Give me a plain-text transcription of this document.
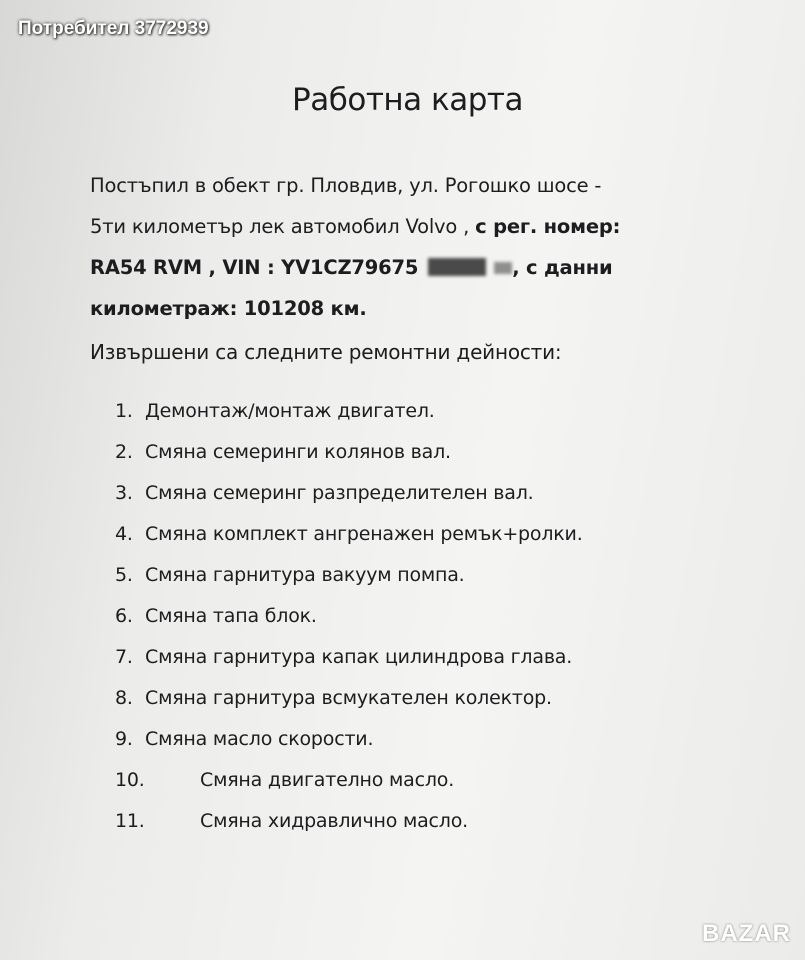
Потребител 3772939
Работна карта
Постъпил в обект гр. Пловдив, ул. Рогошко шосе -
5ти километър лек автомобил Volvo , с рег. номер:
RA54 RVM , VIN : YV1CZ79675	, с данни
километраж: 101208 км.
Извършени са следните ремонтни дейности:
1. Демонтаж/монтаж двигател.
2. Смяна семеринги колянов вал.
3. Смяна семеринг разпределителен вал.
4. Смяна комплект ангренажен ремък+ролки.
5. Смяна гарнитура вакуум помпа.
6. Смяна тапа блок.
7. Смяна гарнитура капак цилиндрова глава.
8. Смяна гарнитура всмукателен колектор.
9. Смяна масло скорости.
10.	Смяна двигателно масло.
11.	Смяна хидравлично масло.
BAZAR
